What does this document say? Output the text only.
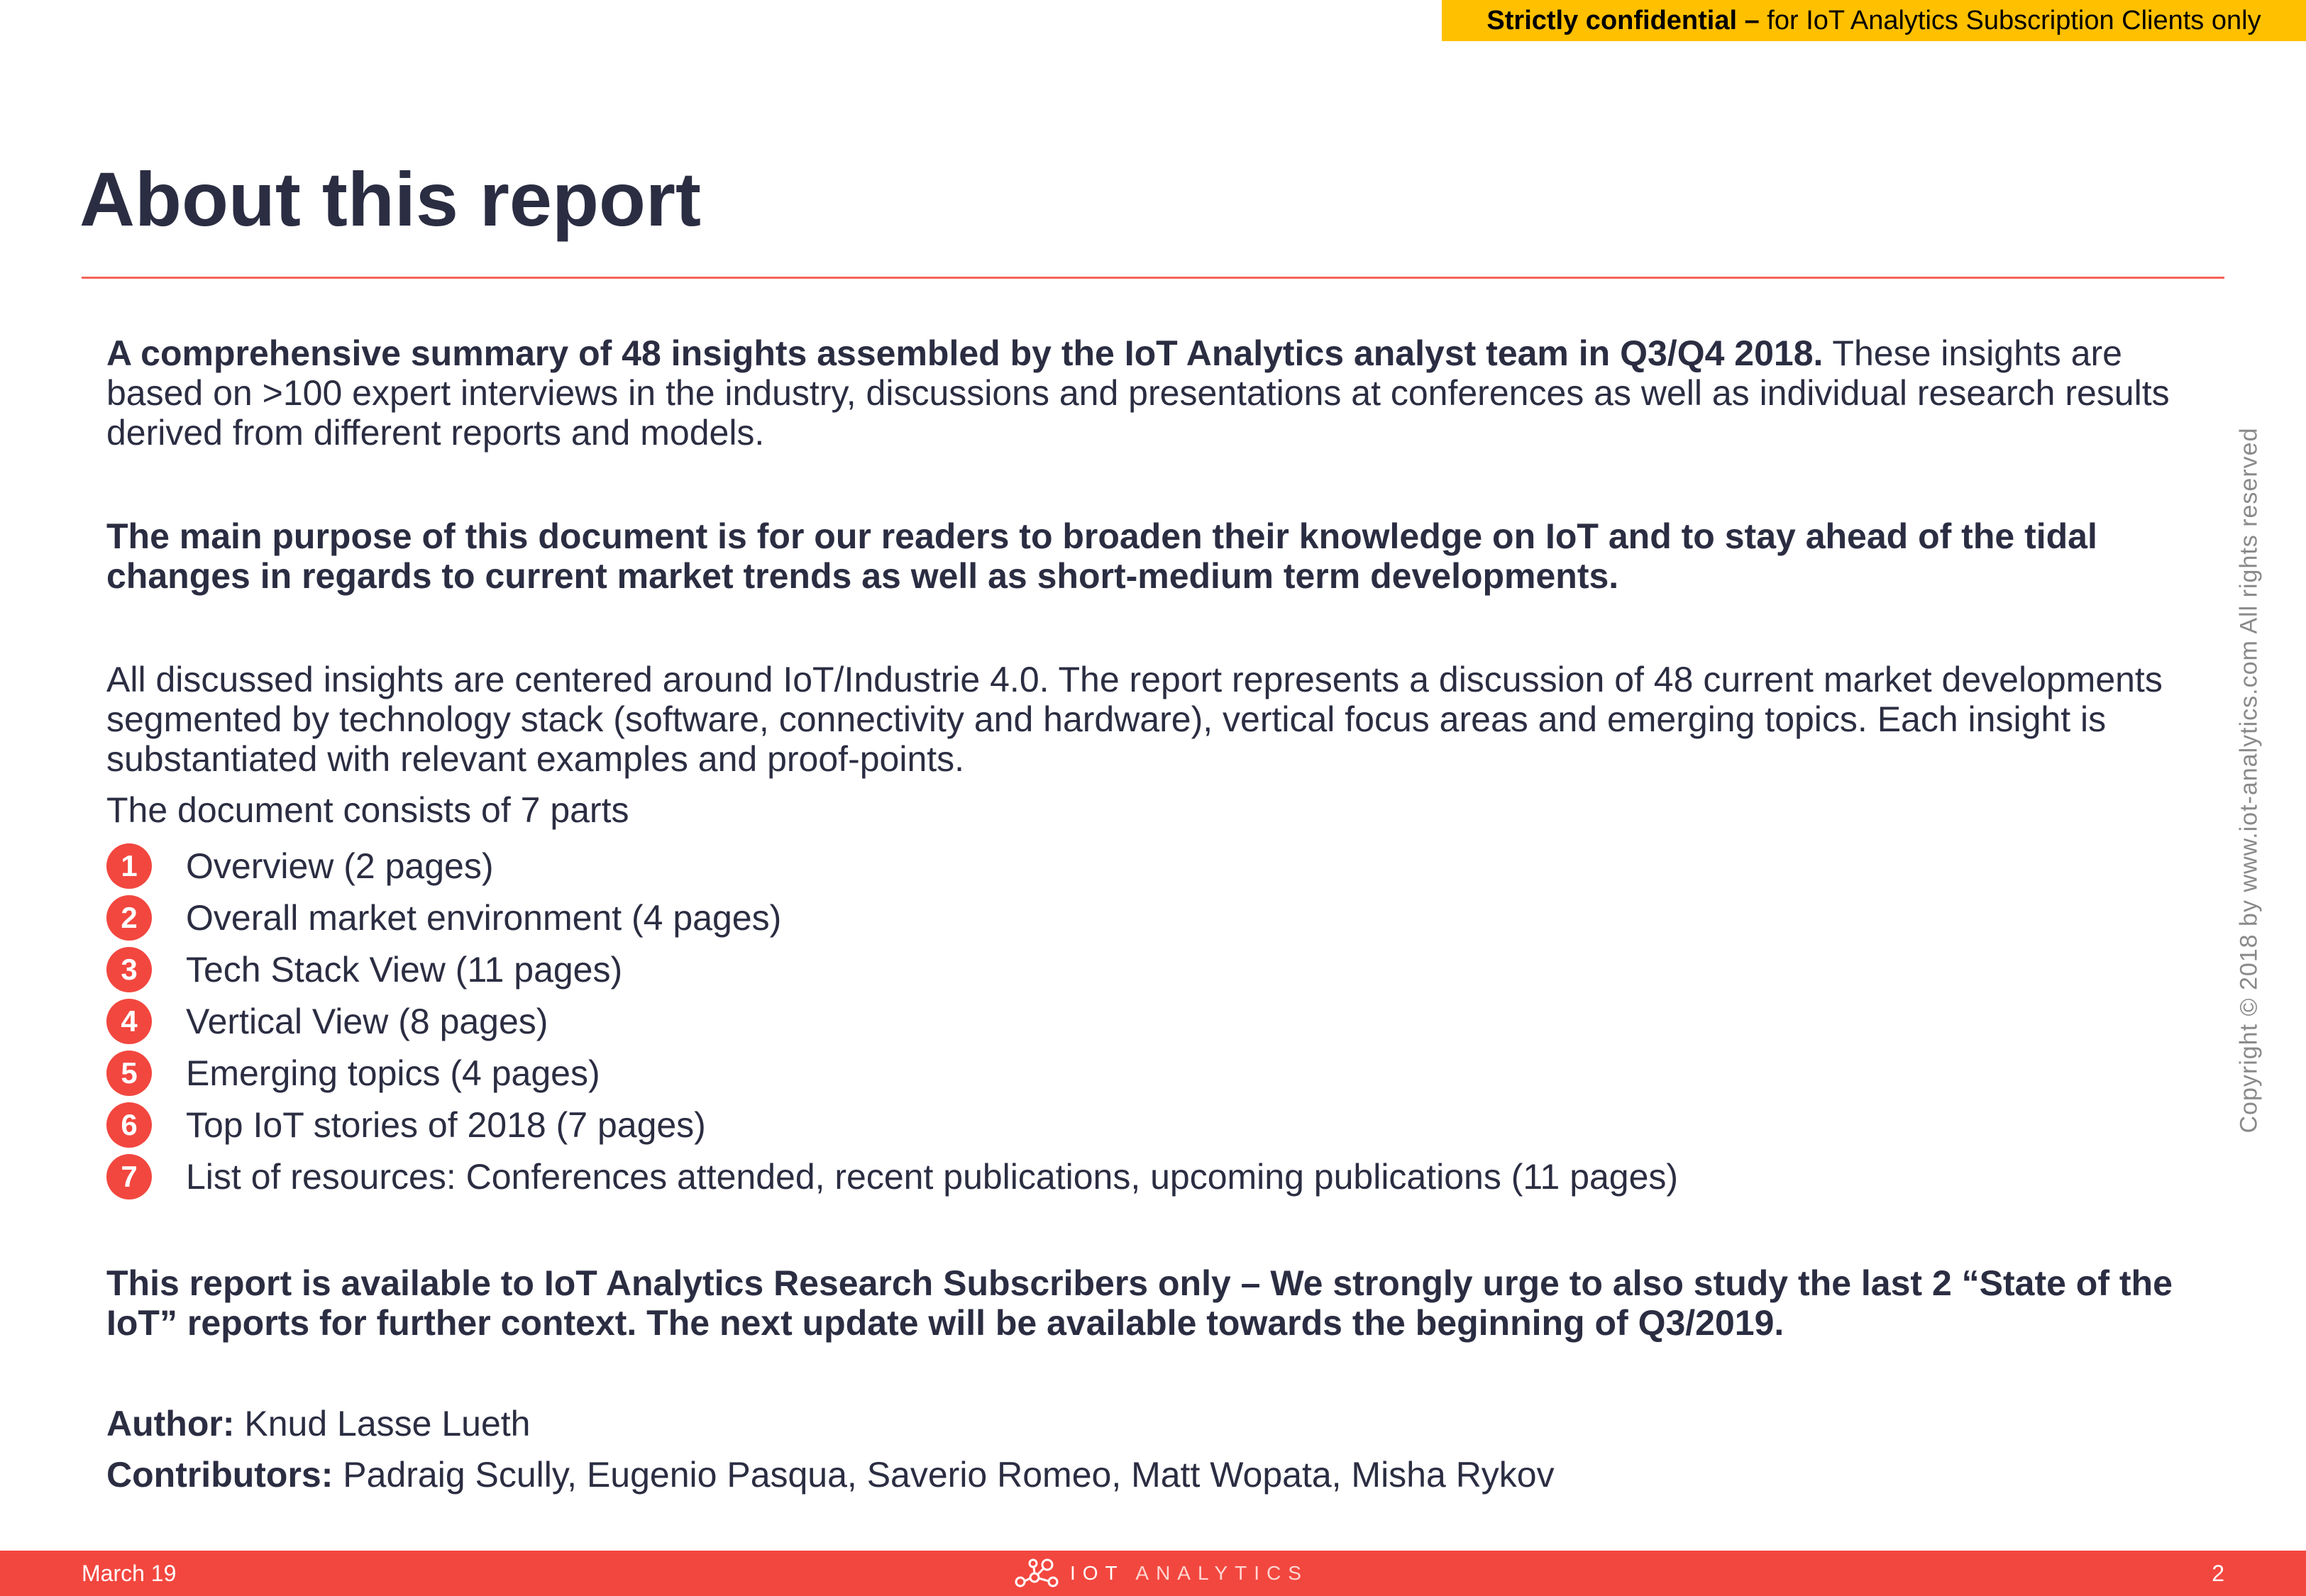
Strictly confidential – for IoT Analytics Subscription Clients only
About this report

A comprehensive summary of 48 insights assembled by the IoT Analytics analyst team in Q3/Q4 2018. These insights are based on >100 expert interviews in the industry, discussions and presentations at conferences as well as individual research results derived from different reports and models.

The main purpose of this document is for our readers to broaden their knowledge on IoT and to stay ahead of the tidal changes in regards to current market trends as well as short-medium term developments.

All discussed insights are centered around IoT/Industrie 4.0. The report represents a discussion of 48 current market developments segmented by technology stack (software, connectivity and hardware), vertical focus areas and emerging topics. Each insight is substantiated with relevant examples and proof-points.

The document consists of 7 parts

1	Overview (2 pages)
2	Overall market environment (4 pages)
3	Tech Stack View (11 pages)
4	Vertical View (8 pages)
5	Emerging topics (4 pages)
6	Top IoT stories of 2018 (7 pages)
7	List of resources: Conferences attended, recent publications, upcoming publications (11 pages)

This report is available to IoT Analytics Research Subscribers only – We strongly urge to also study the last 2 “State of the IoT” reports for further context. The next update will be available towards the beginning of Q3/2019.

Author: Knud Lasse Lueth

Contributors: Padraig Scully, Eugenio Pasqua, Saverio Romeo, Matt Wopata, Misha Rykov

Copyright © 2018 by www.iot-analytics.com All rights reserved
March 19	IOT ANALYTICS	2
